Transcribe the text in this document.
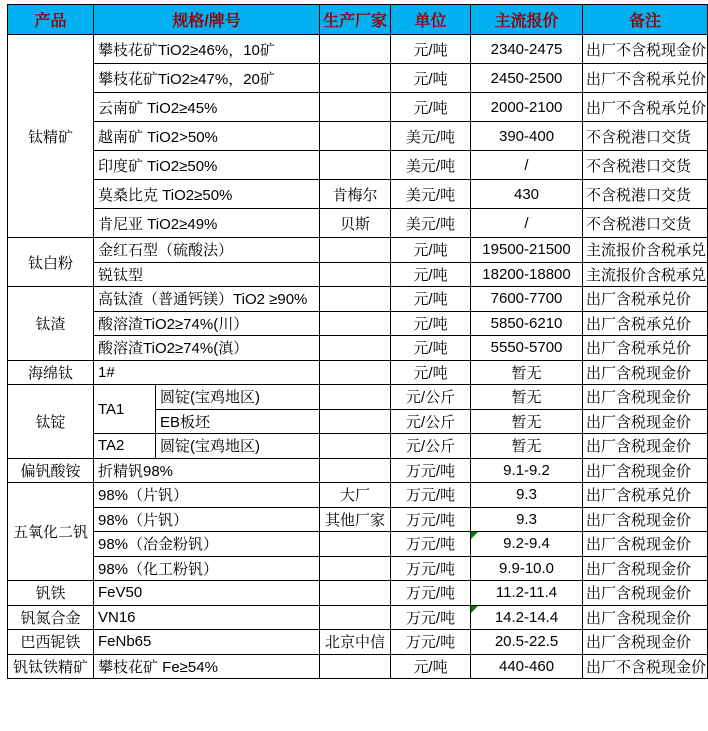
产品	规格/牌号		生产厂家	单位	主流报价	备注
钛精矿	攀枝花矿TiO2≥46%，10矿			元/吨	2340-2475	出厂不含税现金价
	攀枝花矿TiO2≥47%，20矿			元/吨	2450-2500	出厂不含税承兑价
	云南矿 TiO2≥45%			元/吨	2000-2100	出厂不含税承兑价
	越南矿 TiO2>50%			美元/吨	390-400	不含税港口交货
	印度矿 TiO2≥50%			美元/吨	/	不含税港口交货
	莫桑比克 TiO2≥50%		肯梅尔	美元/吨	430	不含税港口交货
	肯尼亚 TiO2≥49%		贝斯	美元/吨	/	不含税港口交货
钛白粉	金红石型（硫酸法）			元/吨	19500-21500	主流报价含税承兑
	锐钛型			元/吨	18200-18800	主流报价含税承兑
钛渣	高钛渣（普通钙镁）TiO2 ≥90%			元/吨	7600-7700	出厂含税承兑价
	酸溶渣TiO2≥74%(川）			元/吨	5850-6210	出厂含税承兑价
	酸溶渣TiO2≥74%(滇）			元/吨	5550-5700	出厂含税承兑价
海绵钛	1#			元/吨	暂无	出厂含税现金价
钛锭	TA1	圆锭(宝鸡地区)		元/公斤	暂无	出厂含税现金价
		EB板坯		元/公斤	暂无	出厂含税现金价
	TA2	圆锭(宝鸡地区)		元/公斤	暂无	出厂含税现金价
偏钒酸铵	折精钒98%			万元/吨	9.1-9.2	出厂含税现金价
五氧化二钒	98%（片钒）		大厂	万元/吨	9.3	出厂含税承兑价
	98%（片钒）		其他厂家	万元/吨	9.3	出厂含税现金价
	98%（冶金粉钒）			万元/吨	9.2-9.4	出厂含税现金价
	98%（化工粉钒）			万元/吨	9.9-10.0	出厂含税现金价
钒铁	FeV50			万元/吨	11.2-11.4	出厂含税现金价
钒氮合金	VN16			万元/吨	14.2-14.4	出厂含税现金价
巴西铌铁	FeNb65		北京中信	万元/吨	20.5-22.5	出厂含税现金价
钒钛铁精矿	攀枝花矿 Fe≥54%			元/吨	440-460	出厂不含税现金价
